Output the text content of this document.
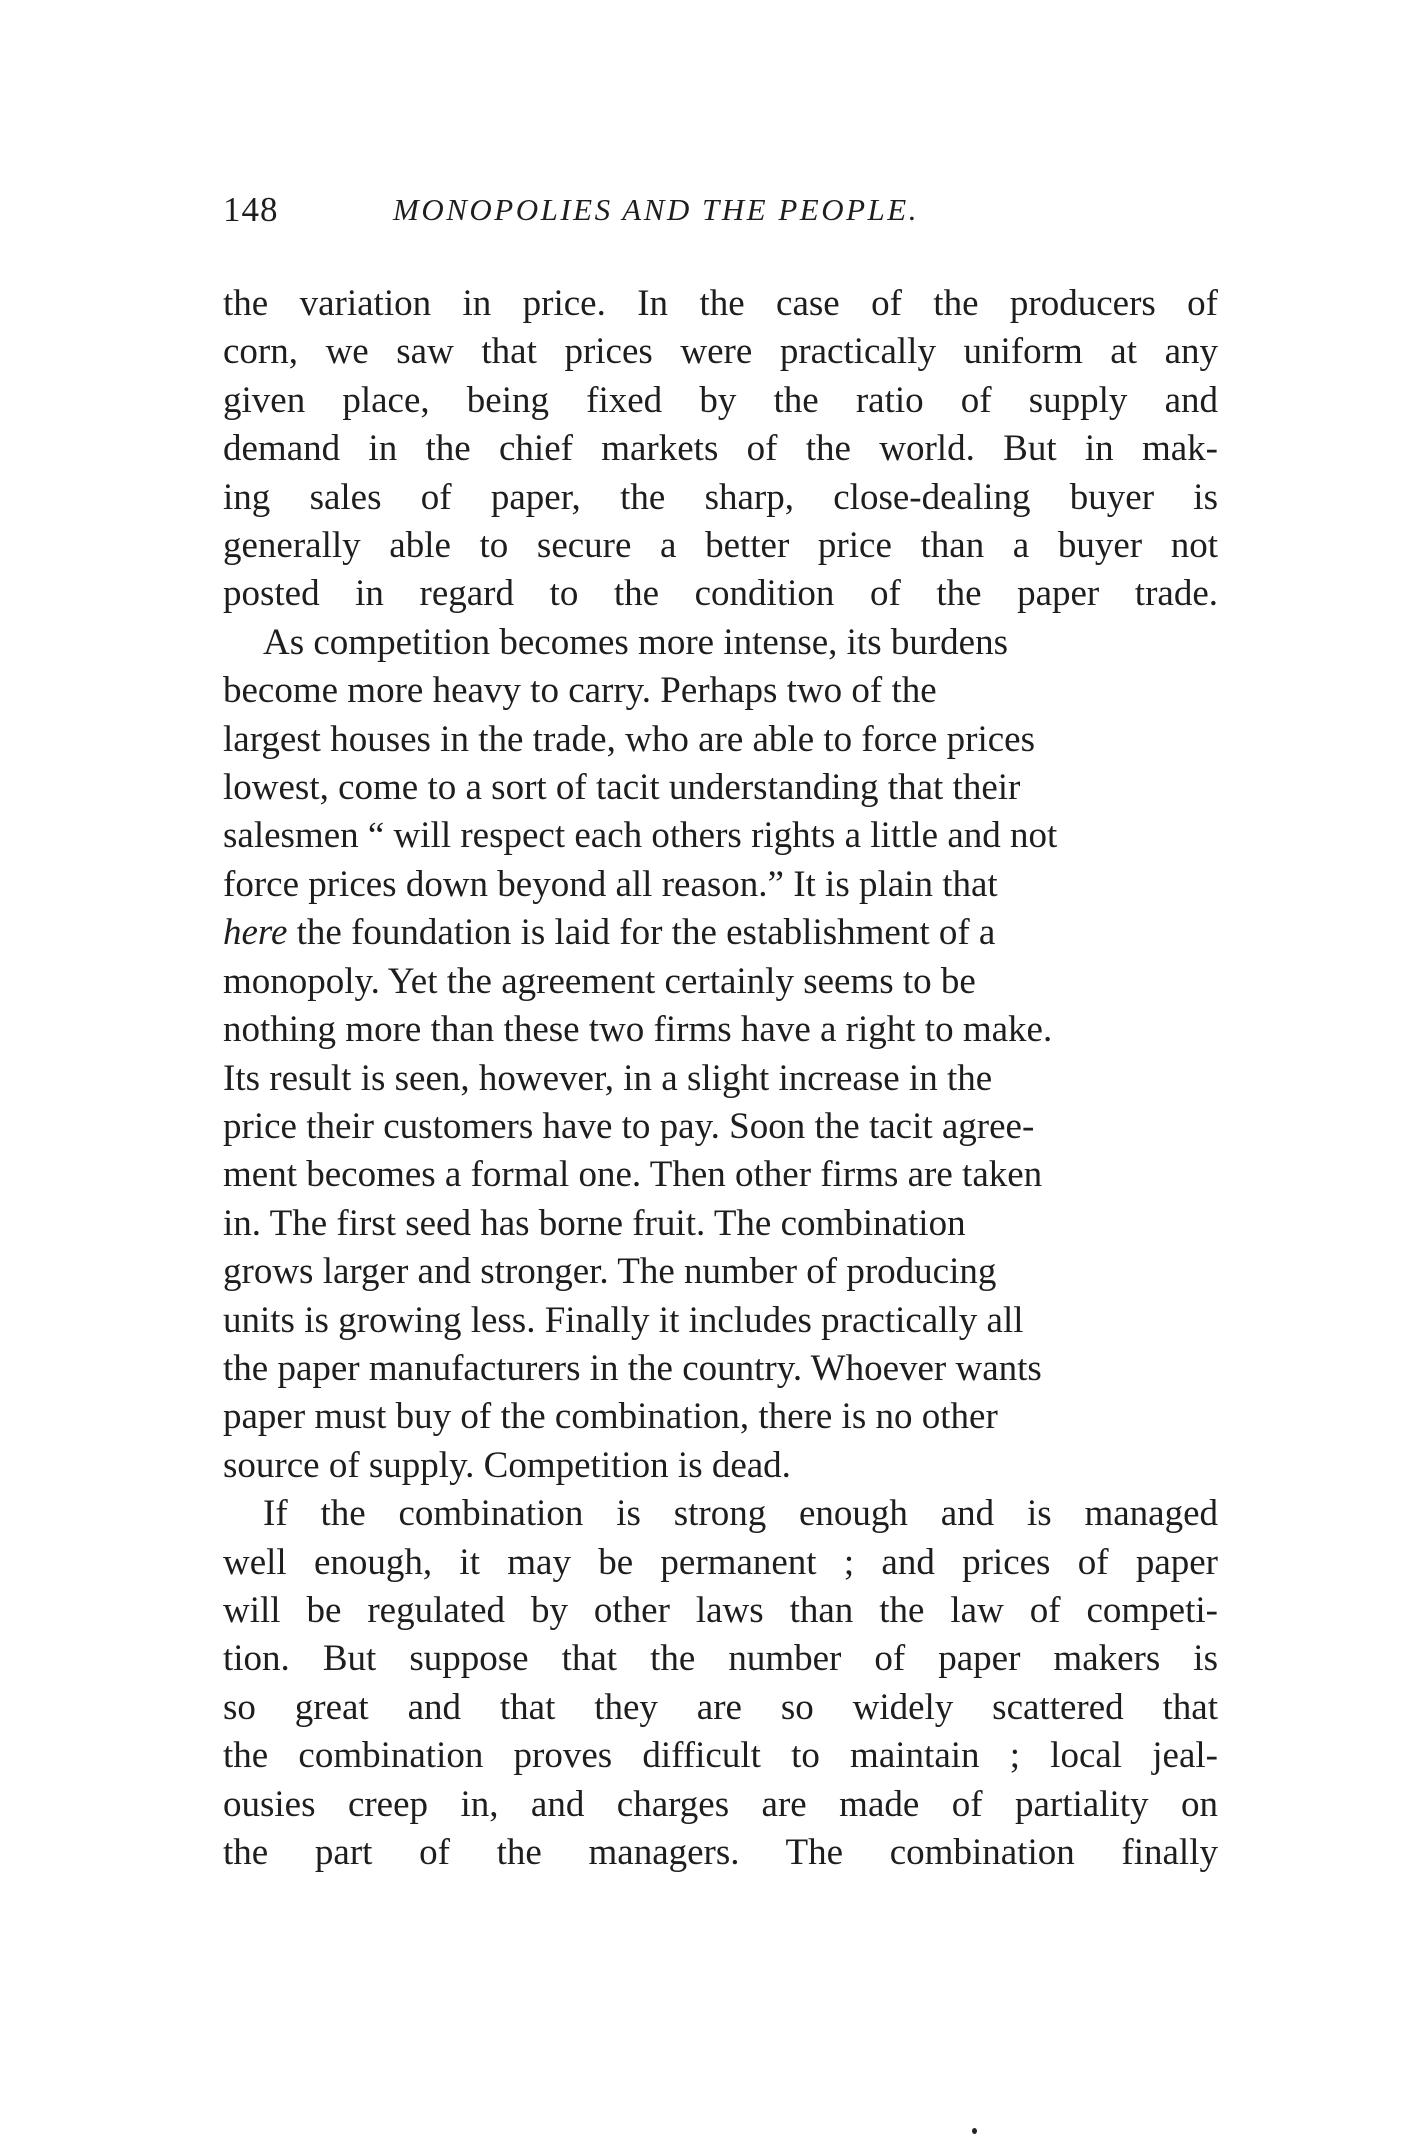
148	MONOPOLIES AND THE PEOPLE.

the variation in price. In the case of the producers of
corn, we saw that prices were practically uniform at any
given place, being fixed by the ratio of supply and
demand in the chief markets of the world. But in mak-
ing sales of paper, the sharp, close-dealing buyer is
generally able to secure a better price than a buyer not
posted in regard to the condition of the paper trade.

As competition becomes more intense, its burdens
become more heavy to carry. Perhaps two of the
largest houses in the trade, who are able to force prices
lowest, come to a sort of tacit understanding that their
salesmen “ will respect each others rights a little and not
force prices down beyond all reason.” It is plain that
here the foundation is laid for the establishment of a
monopoly. Yet the agreement certainly seems to be
nothing more than these two firms have a right to make.
Its result is seen, however, in a slight increase in the
price their customers have to pay. Soon the tacit agree-
ment becomes a formal one. Then other firms are taken
in. The first seed has borne fruit. The combination
grows larger and stronger. The number of producing
units is growing less. Finally it includes practically all
the paper manufacturers in the country. Whoever wants
paper must buy of the combination, there is no other
source of supply. Competition is dead.

If the combination is strong enough and is managed
well enough, it may be permanent ; and prices of paper
will be regulated by other laws than the law of competi-
tion. But suppose that the number of paper makers is
so great and that they are so widely scattered that
the combination proves difficult to maintain ; local jeal-
ousies creep in, and charges are made of partiality on
the part of the managers. The combination finally
